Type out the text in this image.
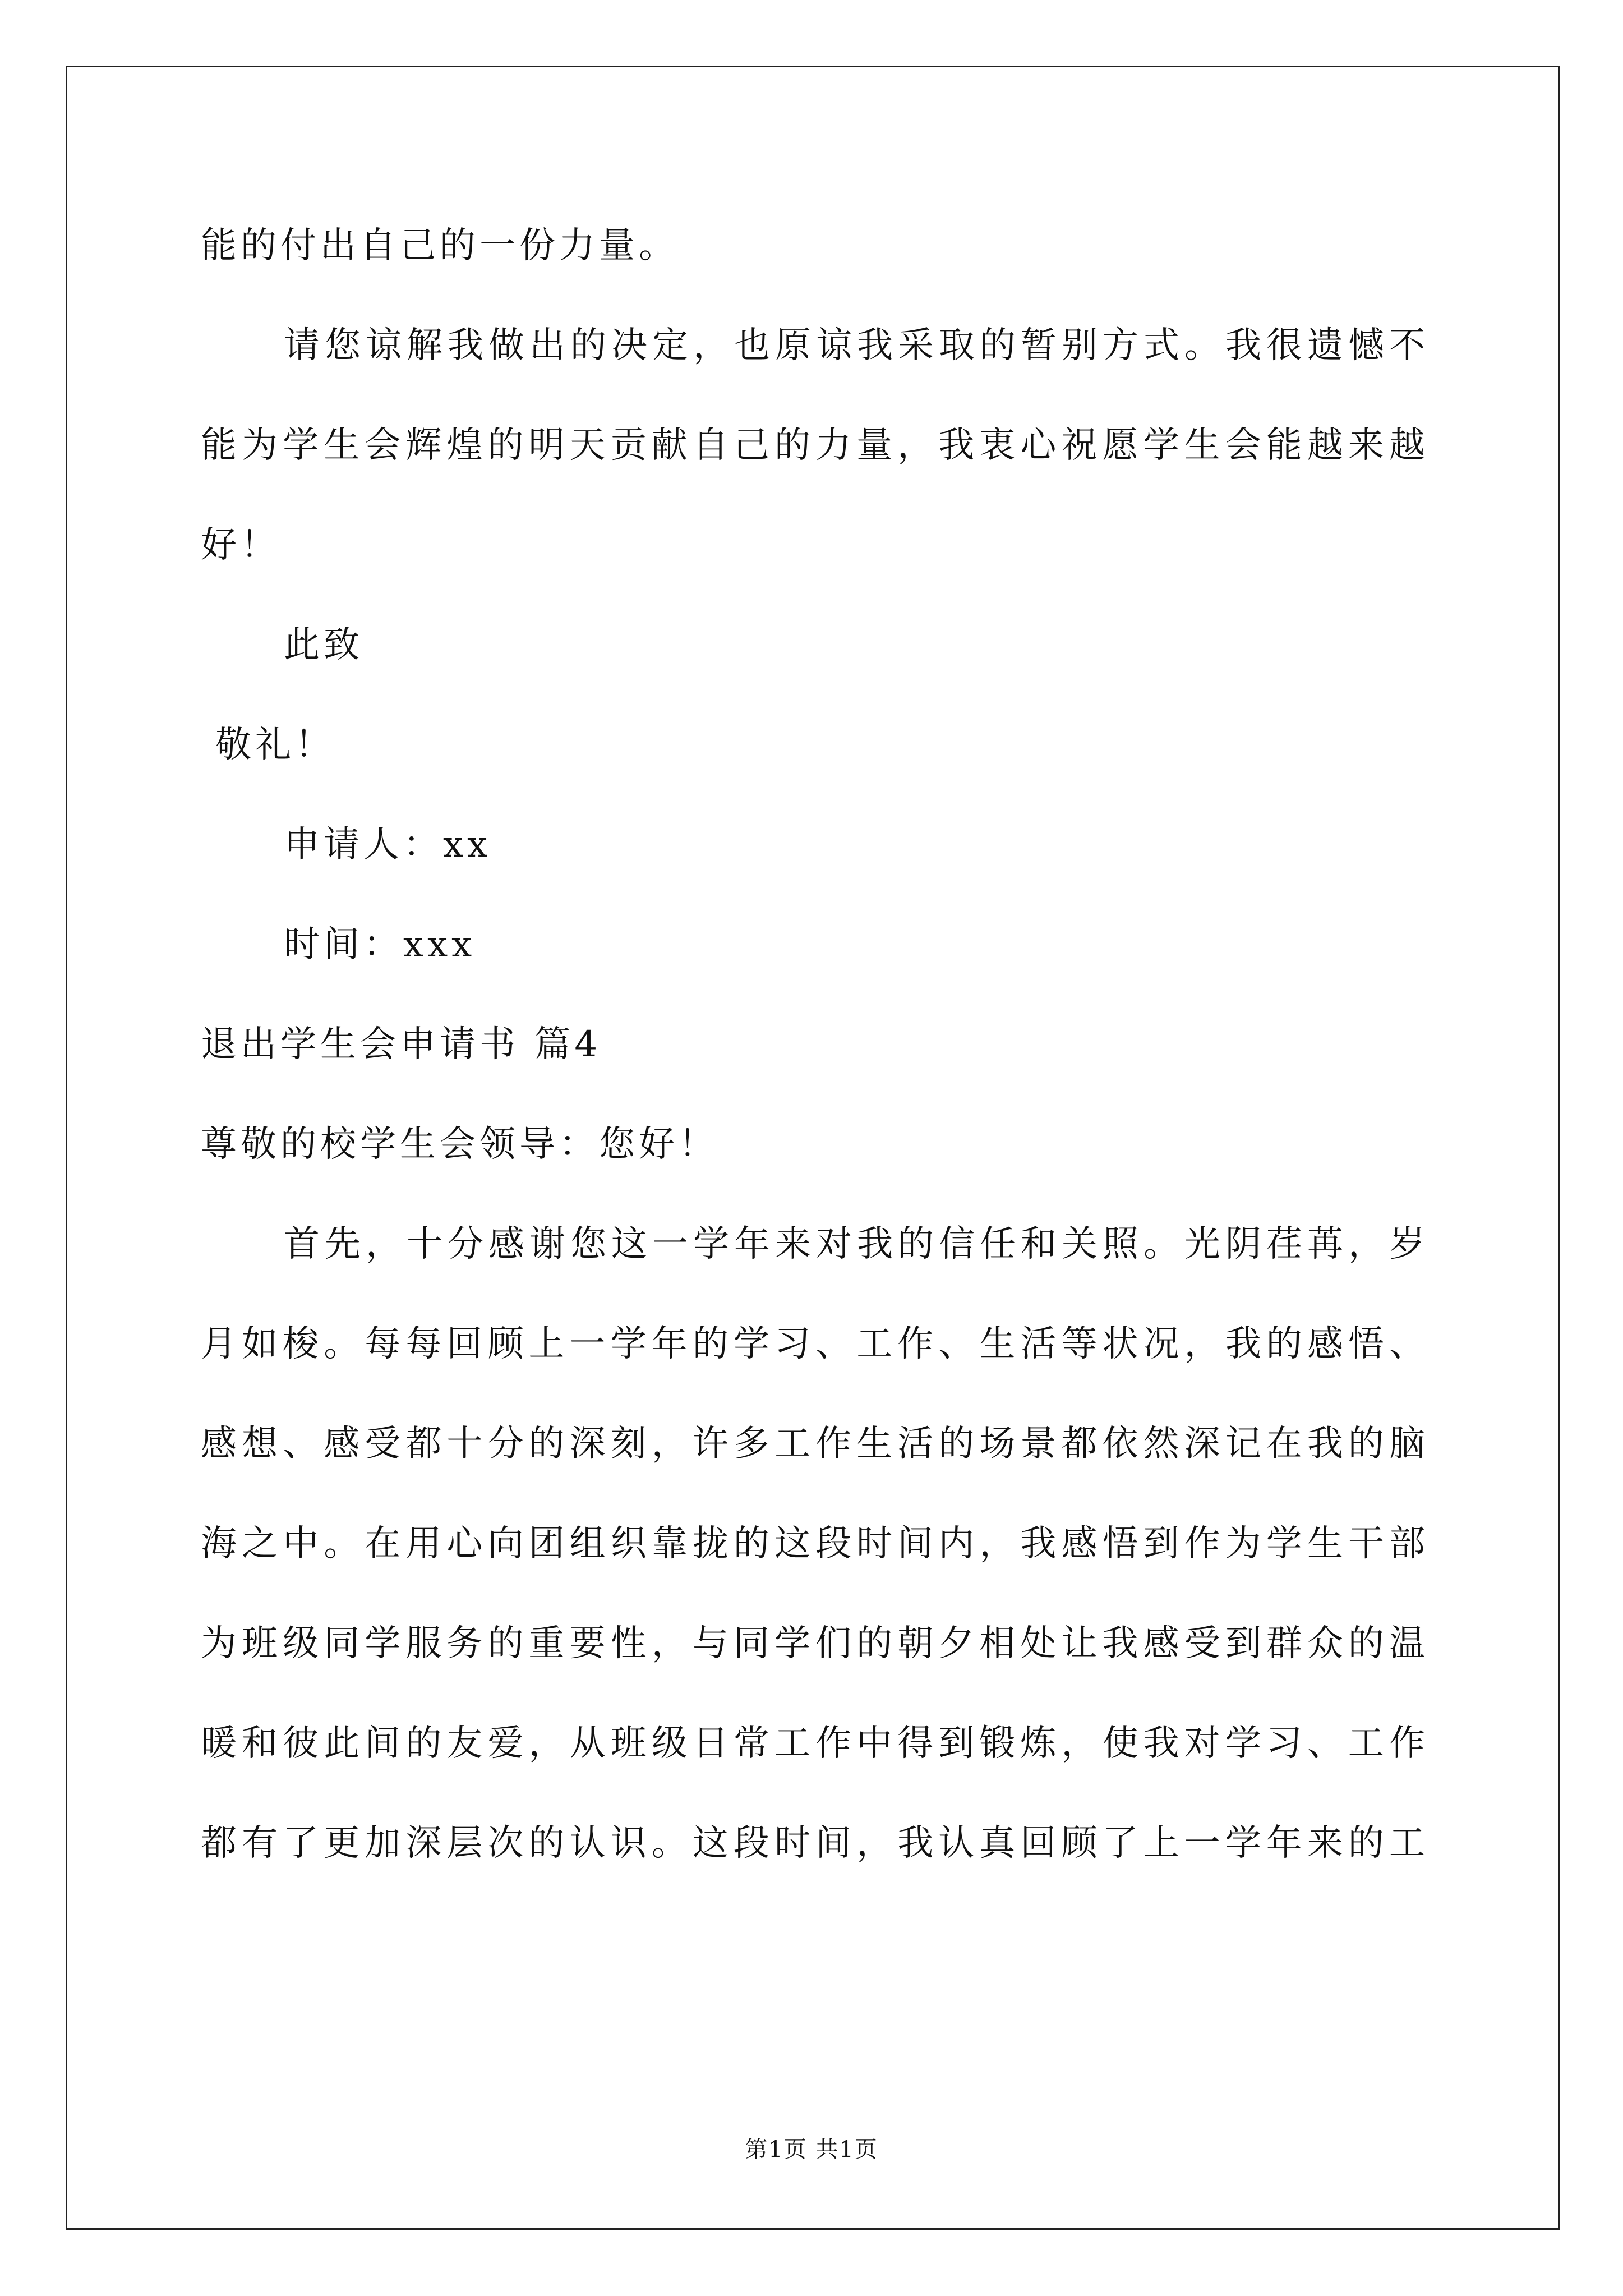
能的付出自己的一份力量。
请您谅解我做出的决定，也原谅我采取的暂别方式。我很遗憾不
能为学生会辉煌的明天贡献自己的力量，我衷心祝愿学生会能越来越
好！
此致
敬礼！
申请人：xx
时间：xxx
退出学生会申请书 篇4
尊敬的校学生会领导：您好！
首先，十分感谢您这一学年来对我的信任和关照。光阴荏苒，岁
月如梭。每每回顾上一学年的学习、工作、生活等状况，我的感悟、
感想、感受都十分的深刻，许多工作生活的场景都依然深记在我的脑
海之中。在用心向团组织靠拢的这段时间内，我感悟到作为学生干部
为班级同学服务的重要性，与同学们的朝夕相处让我感受到群众的温
暖和彼此间的友爱，从班级日常工作中得到锻炼，使我对学习、工作
都有了更加深层次的认识。这段时间，我认真回顾了上一学年来的工
第1页 共1页
